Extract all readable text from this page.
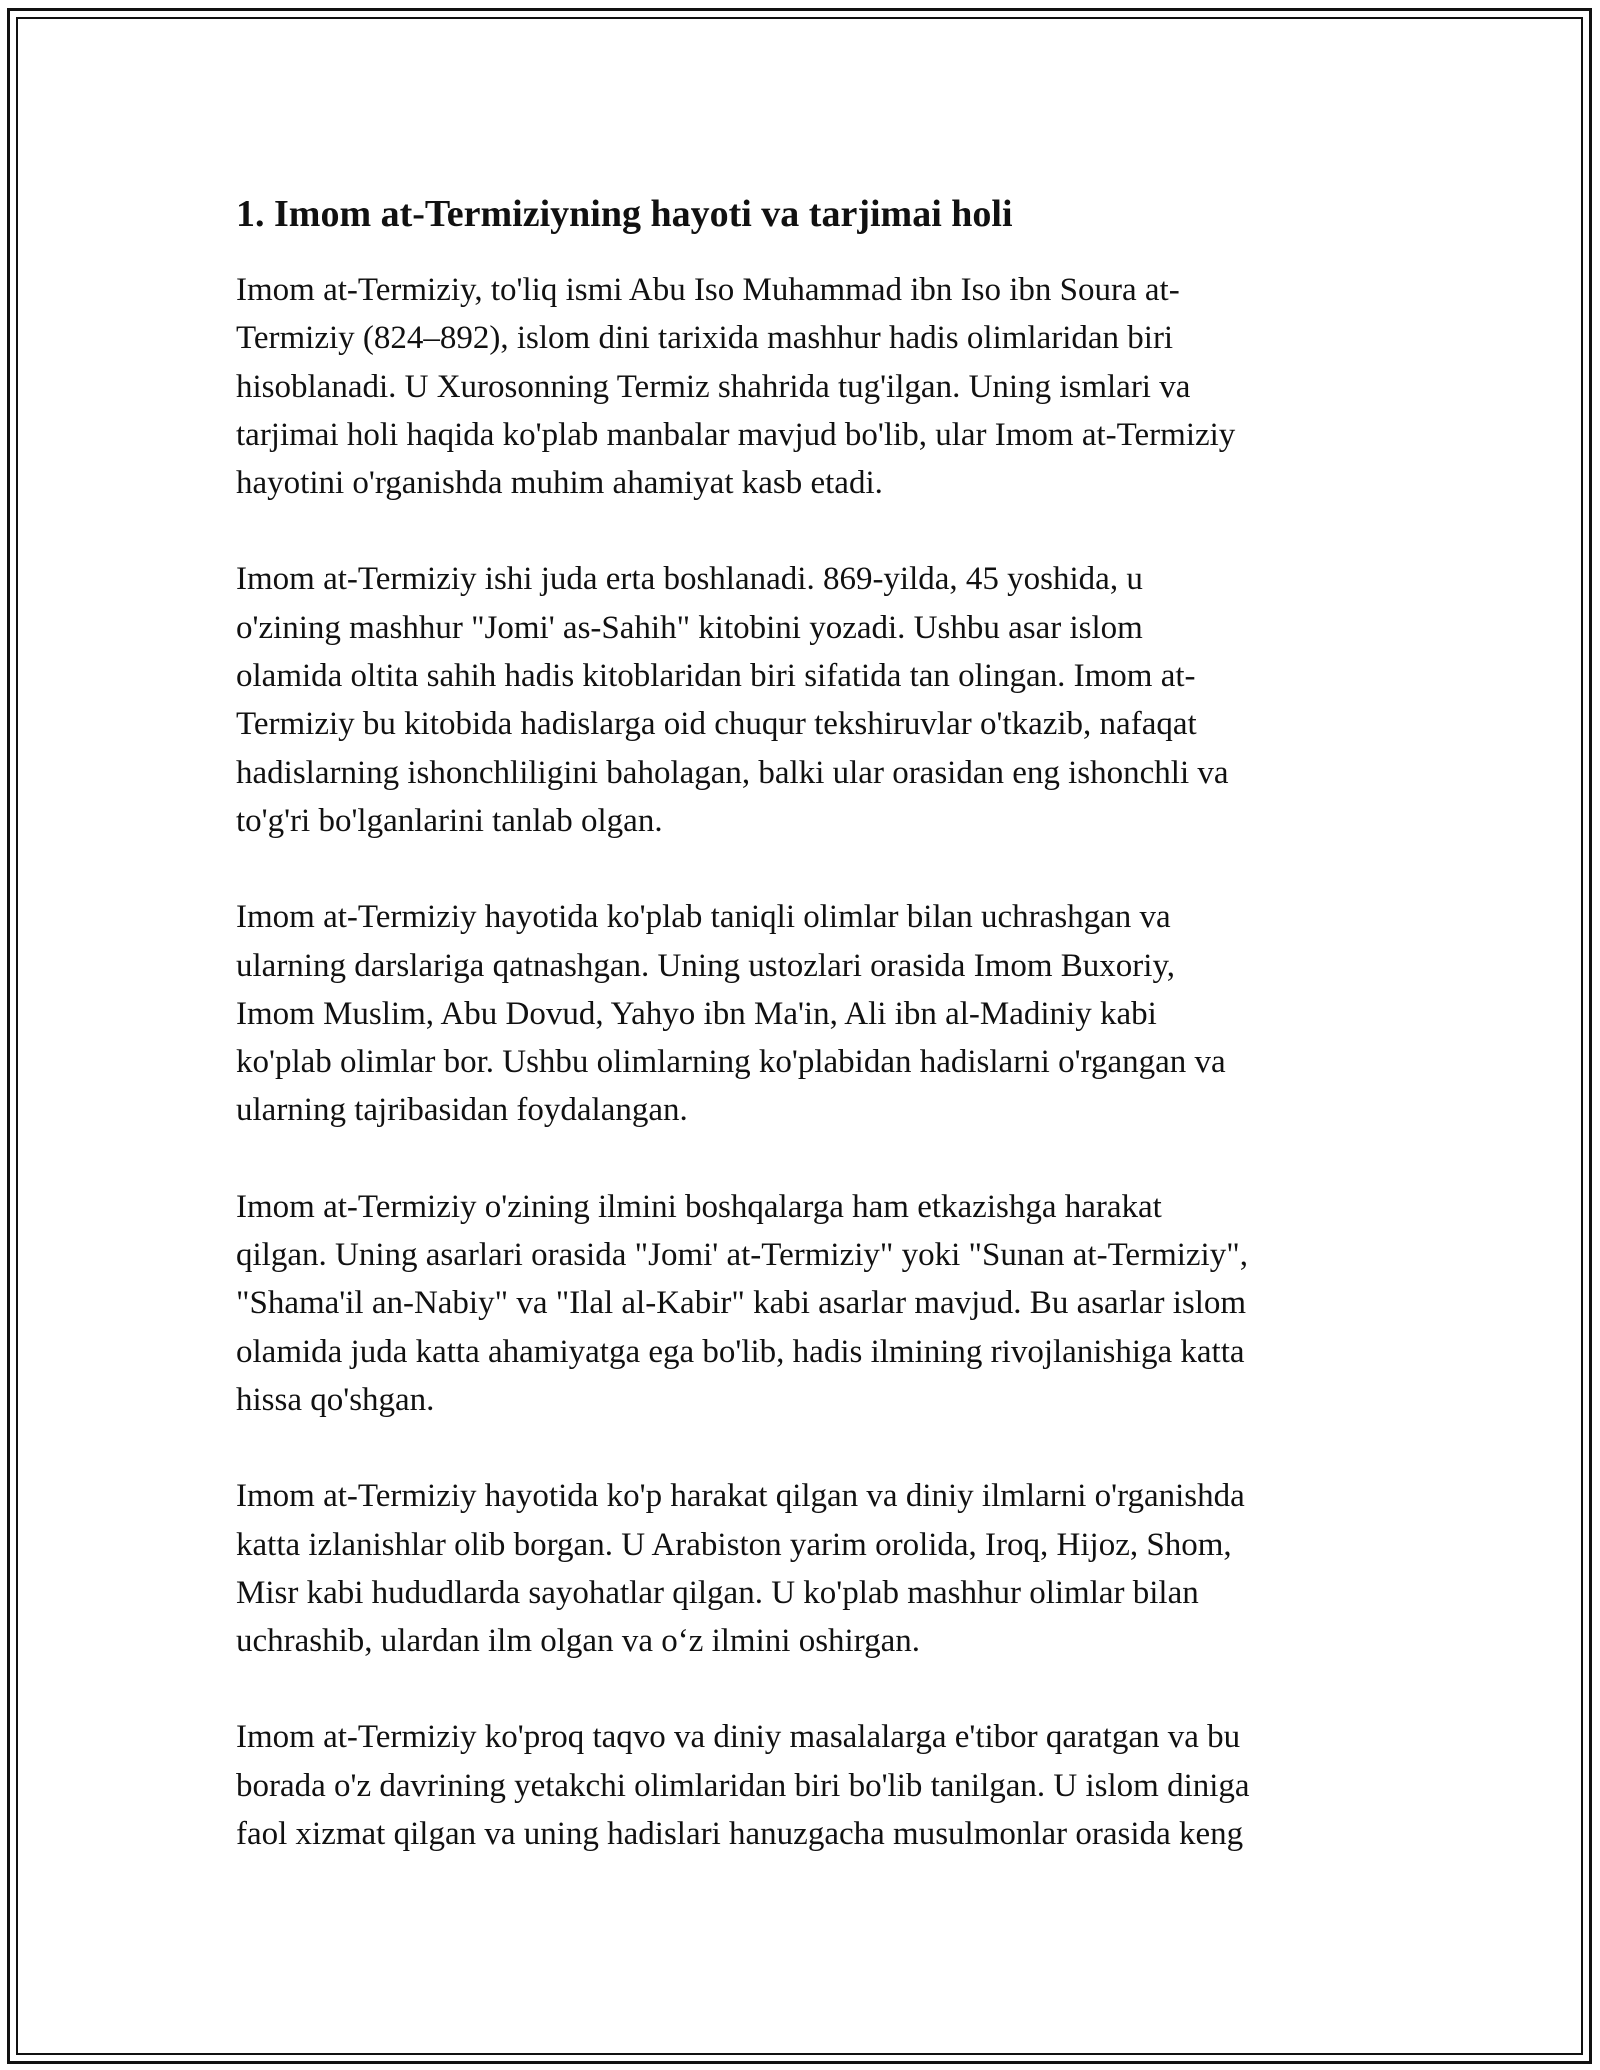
1. Imom at-Termiziyning hayoti va tarjimai holi

Imom at-Termiziy, to'liq ismi Abu Iso Muhammad ibn Iso ibn Soura at-
Termiziy (824–892), islom dini tarixida mashhur hadis olimlaridan biri
hisoblanadi. U Xurosonning Termiz shahrida tug'ilgan. Uning ismlari va
tarjimai holi haqida ko'plab manbalar mavjud bo'lib, ular Imom at-Termiziy
hayotini o'rganishda muhim ahamiyat kasb etadi.

Imom at-Termiziy ishi juda erta boshlanadi. 869-yilda, 45 yoshida, u
o'zining mashhur "Jomi' as-Sahih" kitobini yozadi. Ushbu asar islom
olamida oltita sahih hadis kitoblaridan biri sifatida tan olingan. Imom at-
Termiziy bu kitobida hadislarga oid chuqur tekshiruvlar o'tkazib, nafaqat
hadislarning ishonchliligini baholagan, balki ular orasidan eng ishonchli va
to'g'ri bo'lganlarini tanlab olgan.

Imom at-Termiziy hayotida ko'plab taniqli olimlar bilan uchrashgan va
ularning darslariga qatnashgan. Uning ustozlari orasida Imom Buxoriy,
Imom Muslim, Abu Dovud, Yahyo ibn Ma'in, Ali ibn al-Madiniy kabi
ko'plab olimlar bor. Ushbu olimlarning ko'plabidan hadislarni o'rgangan va
ularning tajribasidan foydalangan.

Imom at-Termiziy o'zining ilmini boshqalarga ham etkazishga harakat
qilgan. Uning asarlari orasida "Jomi' at-Termiziy" yoki "Sunan at-Termiziy",
"Shama'il an-Nabiy" va "Ilal al-Kabir" kabi asarlar mavjud. Bu asarlar islom
olamida juda katta ahamiyatga ega bo'lib, hadis ilmining rivojlanishiga katta
hissa qo'shgan.

Imom at-Termiziy hayotida ko'p harakat qilgan va diniy ilmlarni o'rganishda
katta izlanishlar olib borgan. U Arabiston yarim orolida, Iroq, Hijoz, Shom,
Misr kabi hududlarda sayohatlar qilgan. U ko'plab mashhur olimlar bilan
uchrashib, ulardan ilm olgan va o‘z ilmini oshirgan.

Imom at-Termiziy ko'proq taqvo va diniy masalalarga e'tibor qaratgan va bu
borada o'z davrining yetakchi olimlaridan biri bo'lib tanilgan. U islom diniga
faol xizmat qilgan va uning hadislari hanuzgacha musulmonlar orasida keng
